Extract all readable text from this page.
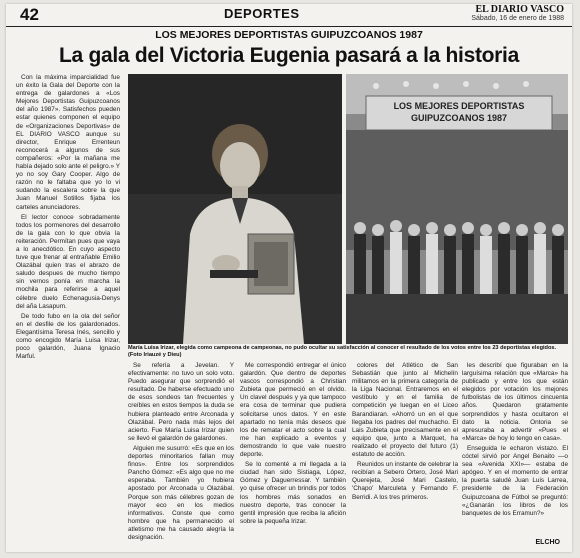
42	DEPORTES	EL DIARIO VASCO
Sábado, 16 de enero de 1988
LOS MEJORES DEPORTISTAS GUIPUZCOANOS 1987
La gala del Victoria Eugenia pasará a la historia

Con la máxima imparcialidad fue un éxito la Gala del Deporte con la entrega de galardones a «Los Mejores Deportistas Guipuzcoanos del año 1987». Satisfechos pueden estar quienes componen el equipo de «Organizaciones Deportivas» de EL DIARIO VASCO aunque su director, Enrique Errenteun reconocerá a algunos de sus compañeros: «Por la mañana me había dejado solo ante el peligro.» Y yo no soy Gary Cooper. Algo de razón no le faltaba que yo lo vi sudando la escalera sobre la que Juan Manuel Sotillos fijaba los carteles anunciadores.

El lector conoce sobradamente todos los pormenores del desarrollo de la gala con lo que obvia la reiteración. Permítan pues que vaya a lo anecdótico. En cuyo aspecto tuve que frenar al entrañable Emilio Olazábal quien tras el abrazo de saludo despues de mucho tiempo sin vernos ponía en marcha la mochila para referirse a aquel célebre duelo Echenagusia-Denys del aña Lasapum.

De todo fubo en la ola del señor en el desfile de los galardonados. Elegantísima Teresa Inés, sencillo y como encogido María Luisa Irizar, poco galardón, Juana Ignacio Marful.

LOS MEJORES DEPORTISTAS GUIPUZCOANOS 1987
María Luisa Irizar, elegida como campeona de campeonas, no pudo ocultar su satisfacción al conocer el resultado de los votos entre los 23 deportistas elegidos. (Foto Iriauzé y Dieu)

Se refería a Jevelan. Y efectivamente: no tuvo un solo voto. Puedo asegurar que sorprendió el resultado. De haberse efectuado uno de esos sondeos tan frecuentes y creíbles en estos tiempos la duda se hubiera planteado entre Arconada y Olazábal. Pero nada más lejos del acierto. Fue María Luisa Irizar quien se llevó el galardón de galardones.

Alguien me susurró: «Es que en los deportes minoritarios fallan muy finos». Entre los sorprendidos Pancho Gómez: «Es algo que no me esperaba. También yo hubiera apostado por Arconada u Olazábal. Porque son más célebres gozan de mayor eco en los medios informativos. Conste que como hombre que ha permanecido el atletismo me ha causado alegría la designación.

Me correspondió entregar el único galardón. Que dentro de deportes vascos correspondió a Christian Zubieta que permeció en el olvido. Un clavel después y ya que tampoco era cosa de terminar que pudiera solicitarse unos datos. Y en este apartado no tenía más deseos que los de rematar el acto sobre la cual me han explicado a eventos y demostrando lo que vale nuestro deporte.

Se lo comenté a mi llegada a la ciudad han sido Sistiaga, López, Gómez y Daguerressar. Y también yo quise ofrecer un brindis por todos los hombres más sonados en nuestro deporte, tras conocer la gentil impresión que reciba la afición sobre la pequeña Irizar.

colores del Atlético de San Sebastián que junto al Michelín militamos en la primera categoría de la Liga Nacional. Entraremos en el vestíbulo y en el familia de competición ye luegan en el Liceo Barandiaran. «Ahorró un en el que llegaba los padres del muchacho. El Lais Zubieta que precisamente en el equipo que, junto a Marquet, ha realizado el proyecto del futuro (1) estatuto de acción.

Reunidos un instante de celebrar la recibían a Sebero Ortero, José Mari Querejeta, José Mari Castelo, 'Chapo' Marculeta y Fernando F. Berridi. A los tres primeros.

les describí que figuraban en la larguísima relación que «Marca» ha publicado y entre los que están elegidos por votación los mejores futbolistas de los últimos cincuenta años. Quedaron gratamente sorprendidos y hasta ocultaron el dato la noticia. Ontoria se apresuraba a advertir «Pues el «Marca» de hoy lo tengo en casa».

Enseguida le echaron vistazo. El cóctel sirvió por Angel Benaito —o sea «Avenida XXI»— estaba de apógeo. Y en el momento de entrar la puerta saludé Juan Luis Larrea, presidente de la Federación Guipuzcoana de Fútbol se preguntó: «¿Ganarán los libros de los banquetes de los Erramun?»

ELCHO
